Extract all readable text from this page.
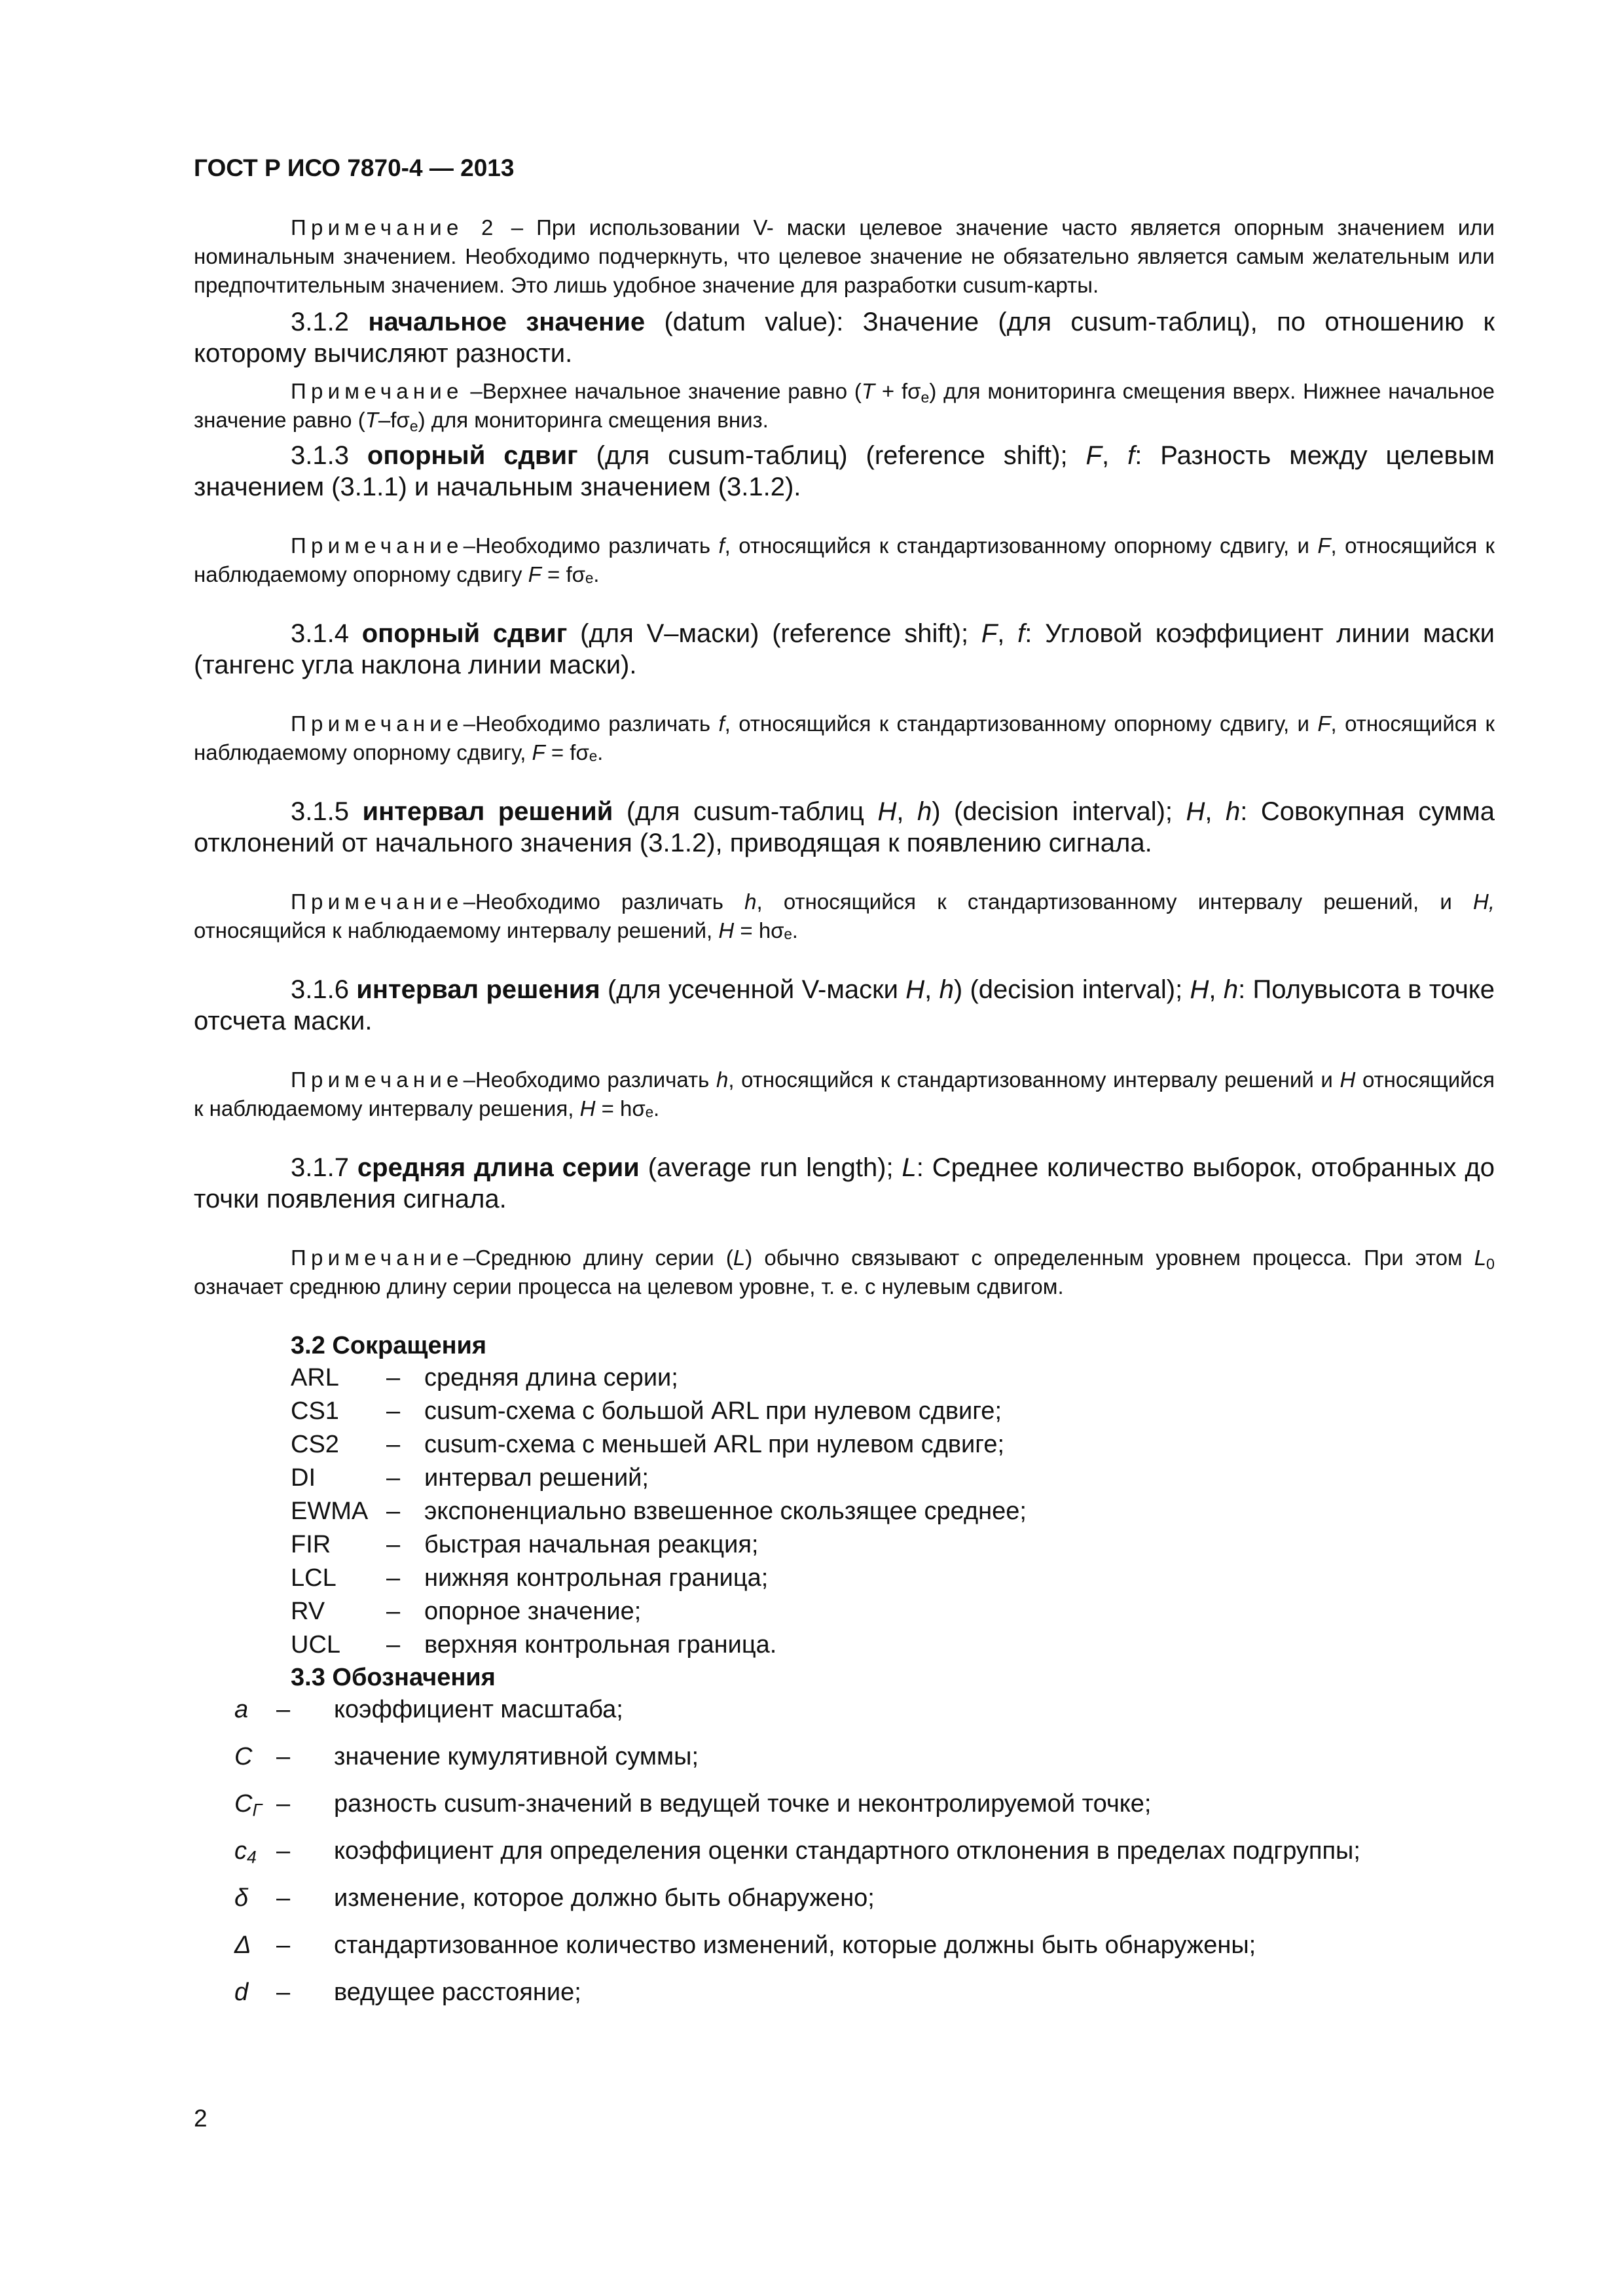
ГОСТ Р ИСО 7870-4 — 2013

Примечание 2 – При использовании V- маски целевое значение часто является опорным значением или номинальным значением. Необходимо подчеркнуть, что целевое значение не обязательно является самым желательным или предпочтительным значением. Это лишь удобное значение для разработки cusum-карты.

3.1.2 начальное значение (datum value): Значение (для cusum-таблиц), по отношению к которому вычисляют разности.

Примечание –Верхнее начальное значение равно $(T + f\sigma_e)$ для мониторинга смещения вверх. Нижнее начальное значение равно $(T-f\sigma_e)$ для мониторинга смещения вниз.

3.1.3 опорный сдвиг (для cusum-таблиц) (reference shift); F, f: Разность между целевым значением (3.1.1) и начальным значением (3.1.2).

Примечание–Необходимо различать f, относящийся к стандартизованному опорному сдвигу, и F, относящийся к наблюдаемому опорному сдвигу F = fσₑ.

3.1.4 опорный сдвиг (для V–маски) (reference shift); F, f: Угловой коэффициент линии маски (тангенс угла наклона линии маски).

Примечание–Необходимо различать f, относящийся к стандартизованному опорному сдвигу, и F, относящийся к наблюдаемому опорному сдвигу, F = fσₑ.

3.1.5 интервал решений (для cusum-таблиц H, h) (decision interval); H, h: Совокупная сумма отклонений от начального значения (3.1.2), приводящая к появлению сигнала.

Примечание–Необходимо различать h, относящийся к стандартизованному интервалу решений, и H, относящийся к наблюдаемому интервалу решений, H = hσₑ.

3.1.6 интервал решения (для усеченной V-маски H, h) (decision interval); H, h: Полувысота в точке отсчета маски.

Примечание–Необходимо различать h, относящийся к стандартизованному интервалу решений и H относящийся к наблюдаемому интервалу решения, H = hσₑ.

3.1.7 средняя длина серии (average run length); L: Среднее количество выборок, отобранных до точки появления сигнала.

Примечание–Среднюю длину серии (L) обычно связывают с определенным уровнем процесса. При этом $L_0$ означает среднюю длину серии процесса на целевом уровне, т. е. с нулевым сдвигом.

3.2 Сокращения
ARL	– средняя длина серии;
CS1	– cusum-схема с большой ARL при нулевом сдвиге;
CS2	– cusum-схема с меньшей ARL при нулевом сдвиге;
DI	– интервал решений;
EWMA – экспоненциально взвешенное скользящее среднее;
FIR	– быстрая начальная реакция;
LCL	– нижняя контрольная граница;
RV	– опорное значение;
UCL	– верхняя контрольная граница.
3.3 Обозначения
a	–	коэффициент масштаба;
C –	значение кумулятивной суммы;
$C_Г$ –	разность cusum-значений в ведущей точке и неконтролируемой точке;
$c_4$ –	коэффициент для определения оценки стандартного отклонения в пределах подгруппы;
δ	–	изменение, которое должно быть обнаружено;
Δ	–	стандартизованное количество изменений, которые должны быть обнаружены;
d	–	ведущее расстояние;
2
